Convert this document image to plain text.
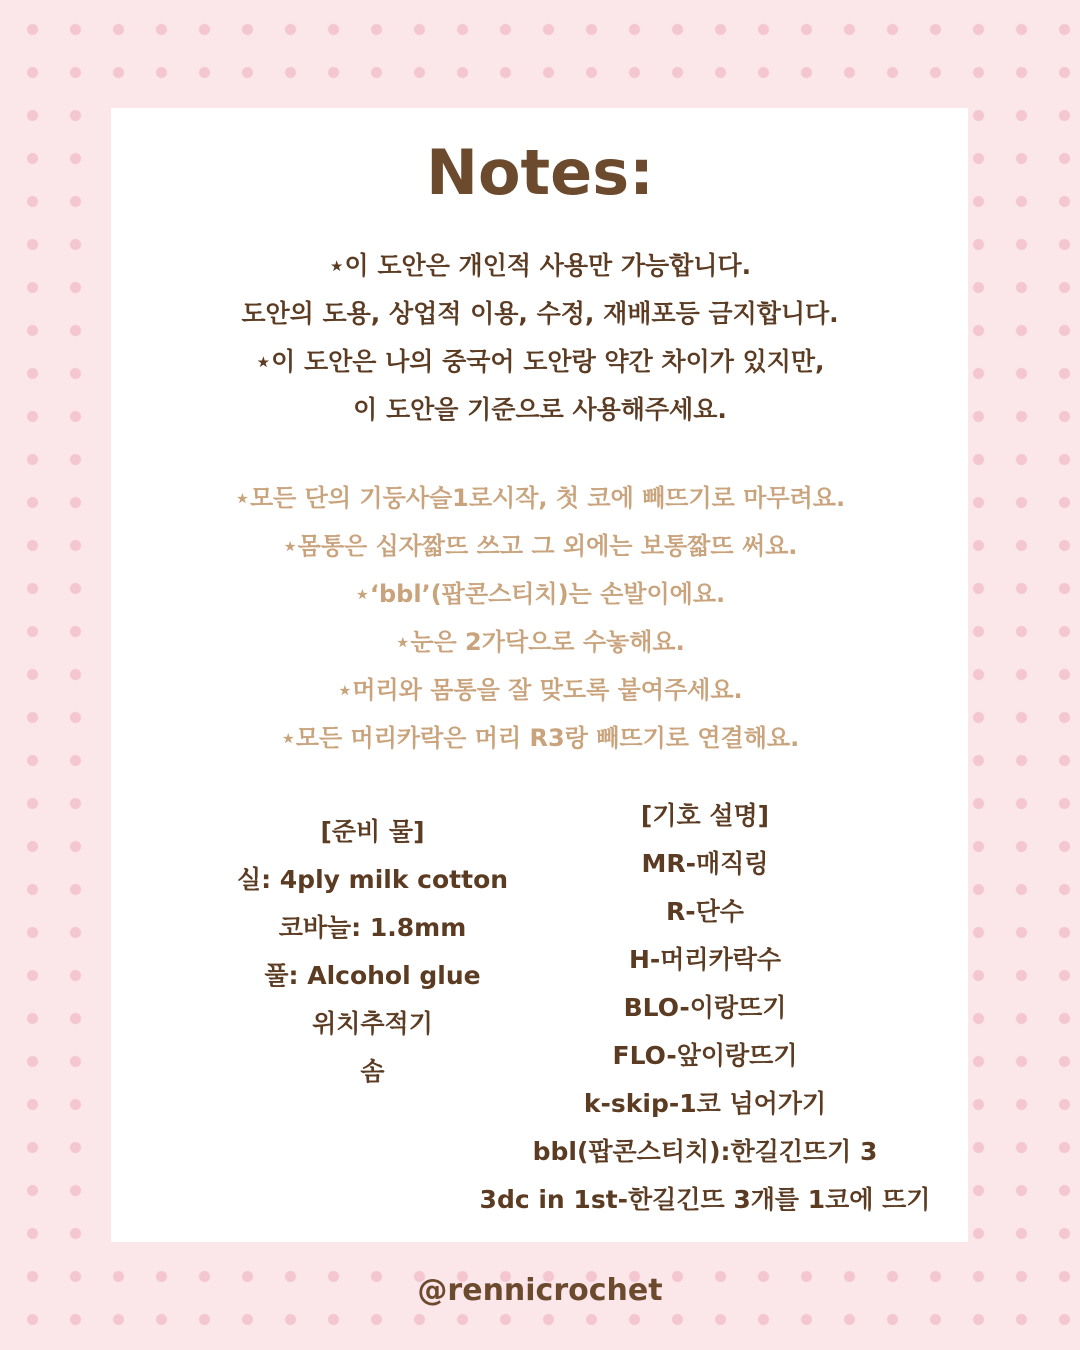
Notes:
⋆이 도안은 개인적 사용만 가능합니다.
도안의 도용, 상업적 이용, 수정, 재배포등 금지합니다.
⋆이 도안은 나의 중국어 도안랑 약간 차이가 있지만,
이 도안을 기준으로 사용해주세요.
⋆모든 단의 기둥사슬1로시작, 첫 코에 빼뜨기로 마무려요.
⋆몸통은 십자짧뜨 쓰고 그 외에는 보통짧뜨 써요.
⋆‘bbl’(팝콘스티치)는 손발이에요.
⋆눈은 2가닥으로 수놓해요.
⋆머리와 몸통을 잘 맞도록 붙여주세요.
⋆모든 머리카락은 머리 R3랑 빼뜨기로 연결해요.
[준비 물]
실: 4ply milk cotton
코바늘: 1.8mm
풀: Alcohol glue
위치추적기
솜
[기호 설명]
MR-매직링
R-단수
H-머리카락수
BLO-이랑뜨기
FLO-앞이랑뜨기
k-skip-1코 넘어가기
bbl(팝콘스티치):한길긴뜨기 3
3dc in 1st-한길긴뜨 3개를 1코에 뜨기
@rennicrochet
